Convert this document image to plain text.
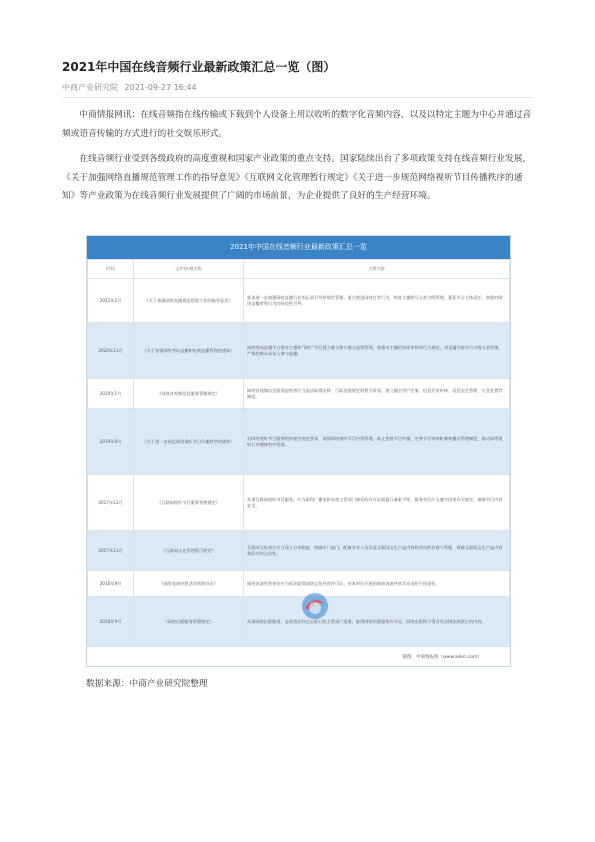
2021年中国在线音频行业最新政策汇总一览（图）
中商产业研究院 2021-09-27 16:44
中商情报网讯：在线音频指在线传输或下载到个人设备上用以收听的数字化音频内容，以及以特定主题为中心并通过音频或语音传输的方式进行的社交娱乐形式。
在线音频行业受到各级政府的高度重视和国家产业政策的重点支持。国家陆续出台了多项政策支持在线音频行业发展，《关于加强网络直播规范管理工作的指导意见》《互联网文化管理暂行规定》《关于进一步规范网络视听节目传播秩序的通知》等产业政策为在线音频行业发展提供了广阔的市场前景，为企业提供了良好的生产经营环境。
2021年中国在线音频行业最新政策汇总一览
时间	文件/法规名称	主要内容
2021年2月	《关于加强网络直播规范管理工作的指导意见》	要求进一步加强网络直播行业的正面引导和规范管理，重点规范网络打赏行为，推进主播账号分类分级管理，强化平台主体责任，加强对网络直播营利行为的规范性引导。
2020年11月	《关于加强网络秀场直播和电商直播管理的通知》	网络秀场直播平台要对主播和“网红”节目建立健全和实施全流程管理，加强对主播的资质审核和行为规范，对直播内容实行分级分类管理，严格控制未成年人参与直播。
2020年1月	《网络音视频信息服务管理规定》	网络音视频信息服务提供者应当依法取得法律、行政法规规定的相关资质，建立健全用户注册、信息发布审核、信息安全管理、应急处置等制度。
2019年8月	《关于进一步规范网络视听节目传播秩序的通知》	对网络视听节目服务机构提出规范要求，加强网络视听节目内容管理，防止违规节目传播，完善节目审核机制和播出管理制度，推动网络视听行业健康有序发展。
2017年12月	《互联网视听节目服务管理规定》	从事互联网视听节目服务，应当取得广播电影电视主管部门颁发的许可证或履行备案手续，服务单位应当遵守国家有关规定，保障节目内容安全。
2017年11月	《互联网文化管理暂行规定》	互联网文化单位应当建立自审制度，明确专门部门，配备专业人员负责互联网文化产品内容和活动的自查与管理，保障互联网文化产品内容和活动的合法性。
2016年9月	《网络表演经营活动管理办法》	网络表演经营单位应当依法取得网络文化经营许可证，对本单位开展的网络表演经营活动承担主体责任。
2016年9月	《网络出版服务管理规定》	从事网络出版服务，必须依法经过出版行政主管部门批准，取得网络出版服务许可证，网络出版物不得含有法律法规禁止的内容。
制图：中商情报网（www.askci.com）
数据来源：中商产业研究院整理
